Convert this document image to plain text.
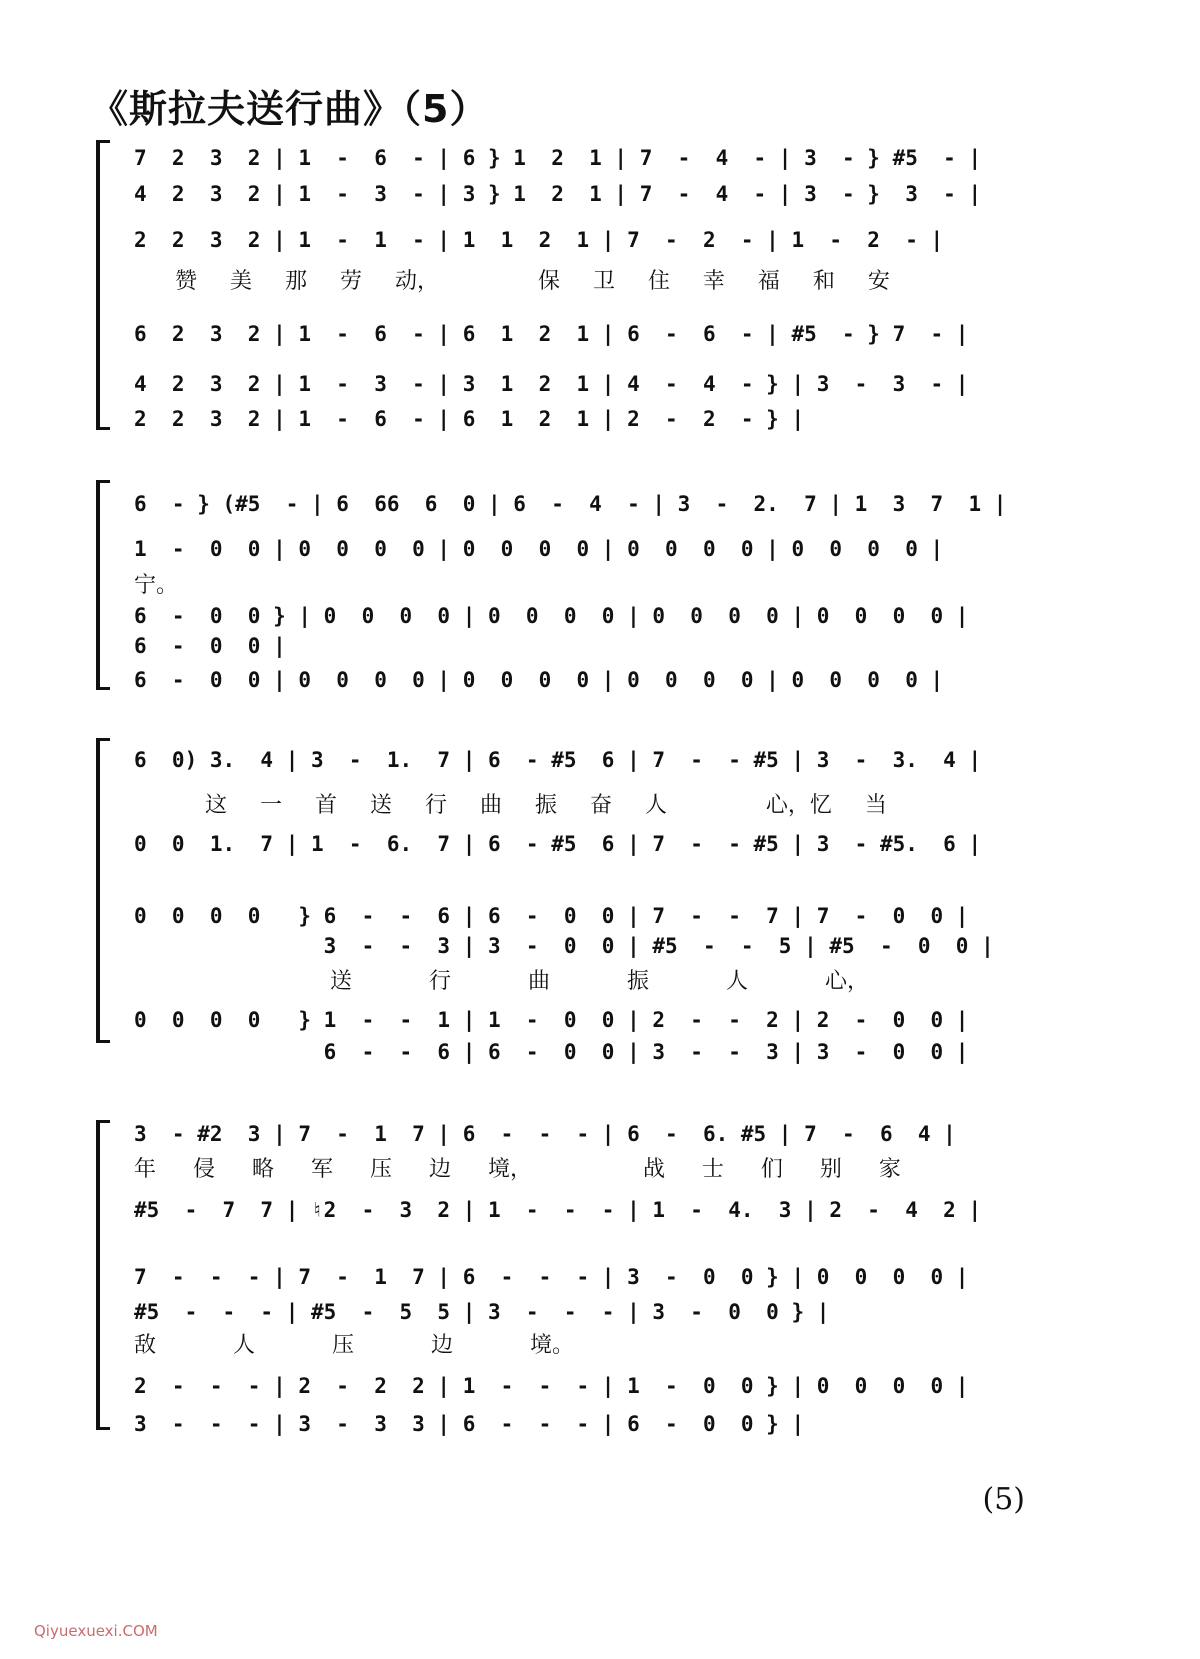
《斯拉夫送行曲》（5）
7  2  3  2 | 1  -  6  - | 6 } 1  2  1 | 7  -  4  - | 3  - } #5  - |
4  2  3  2 | 1  -  3  - | 3 } 1  2  1 | 7  -  4  - | 3  - }  3  - |
2  2  3  2 | 1  -  1  - | 1  1  2  1 | 7  -  2  - | 1  -  2  - |
赞 美 那 劳 动，   保 卫 住 幸 福 和 安
6  2  3  2 | 1  -  6  - | 6  1  2  1 | 6  -  6  - | #5  - } 7  - |
4  2  3  2 | 1  -  3  - | 3  1  2  1 | 4  -  4  - } | 3  -  3  - |
2  2  3  2 | 1  -  6  - | 6  1  2  1 | 2  -  2  - } |
6  - } (#5  - | 6  66  6  0 | 6  -  4  - | 3  -  2.  7 | 1  3  7  1 |
1  -  0  0 | 0  0  0  0 | 0  0  0  0 | 0  0  0  0 | 0  0  0  0 |
宁。
6  -  0  0 } | 0  0  0  0 | 0  0  0  0 | 0  0  0  0 | 0  0  0  0 |
6  -  0  0 |
6  -  0  0 | 0  0  0  0 | 0  0  0  0 | 0  0  0  0 | 0  0  0  0 |
6  0) 3.  4 | 3  -  1.  7 | 6  - #5  6 | 7  -  - #5 | 3  -  3.  4 |
这 一 首 送 行 曲 振 奋 人   心，忆 当
0  0  1.  7 | 1  -  6.  7 | 6  - #5  6 | 7  -  - #5 | 3  - #5.  6 |
0  0  0  0   } 6  -  -  6 | 6  -  0  0 | 7  -  -  7 | 7  -  0  0 |
3  -  -  3 | 3  -  0  0 | #5  -  -  5 | #5  -  0  0 |
送 行 曲 振 人 心，
0  0  0  0   } 1  -  -  1 | 1  -  0  0 | 2  -  -  2 | 2  -  0  0 |
6  -  -  6 | 6  -  0  0 | 3  -  -  3 | 3  -  0  0 |
3  - #2  3 | 7  -  1  7 | 6  -  -  - | 6  -  6. #5 | 7  -  6  4 |
年 侵 略 军 压 边 境，   战 士 们 别 家
#5  -  7  7 | ♮2  -  3  2 | 1  -  -  - | 1  -  4.  3 | 2  -  4  2 |
7  -  -  - | 7  -  1  7 | 6  -  -  - | 3  -  0  0 } | 0  0  0  0 |
#5  -  -  - | #5  -  5  5 | 3  -  -  - | 3  -  0  0 } |
敌 人 压 边 境。
2  -  -  - | 2  -  2  2 | 1  -  -  - | 1  -  0  0 } | 0  0  0  0 |
3  -  -  - | 3  -  3  3 | 6  -  -  - | 6  -  0  0 } |
(5)
Qiyuexuexi.COM
